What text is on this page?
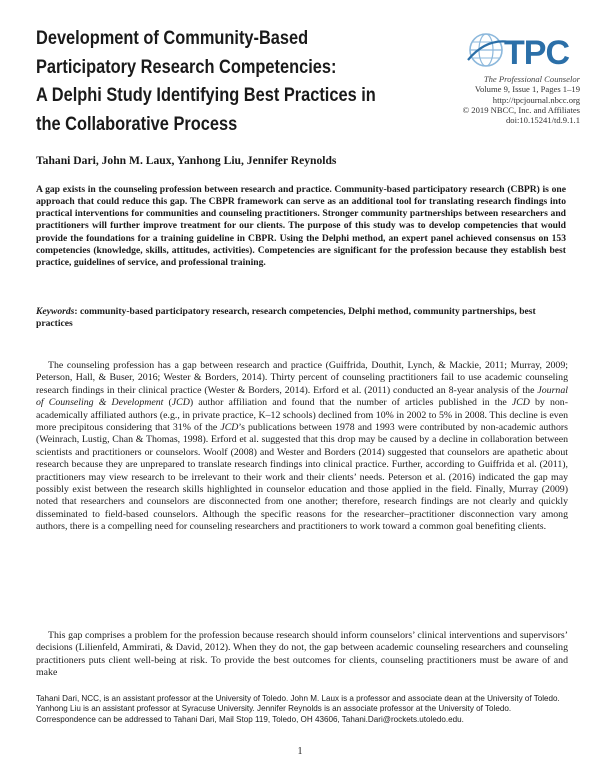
Development of Community-Based
Participatory Research Competencies:
A Delphi Study Identifying Best Practices in
the Collaborative Process
TPC
The Professional Counselor
Volume 9, Issue 1, Pages 1–19
http://tpcjournal.nbcc.org
© 2019 NBCC, Inc. and Affiliates
doi:10.15241/td.9.1.1
Tahani Dari, John M. Laux, Yanhong Liu, Jennifer Reynolds
A gap exists in the counseling profession between research and practice. Community-based participatory research (CBPR) is one approach that could reduce this gap. The CBPR framework can serve as an additional tool for translating research findings into practical interventions for communities and counseling practitioners. Stronger community partnerships between researchers and practitioners will further improve treatment for our clients. The purpose of this study was to develop competencies that would provide the foundations for a training guideline in CBPR. Using the Delphi method, an expert panel achieved consensus on 153 competencies (knowledge, skills, attitudes, activities). Competencies are significant for the profession because they establish best practice, guidelines of service, and professional training.
Keywords: community-based participatory research, research competencies, Delphi method, community partnerships, best practices

The counseling profession has a gap between research and practice (Guiffrida, Douthit, Lynch, & Mackie, 2011; Murray, 2009; Peterson, Hall, & Buser, 2016; Wester & Borders, 2014). Thirty percent of counseling practitioners fail to use academic counseling research findings in their clinical practice (Wester & Borders, 2014). Erford et al. (2011) conducted an 8-year analysis of the Journal of Counseling & Development (JCD) author affiliation and found that the number of articles published in the JCD by non-academically affiliated authors (e.g., in private practice, K–12 schools) declined from 10% in 2002 to 5% in 2008. This decline is even more precipitous considering that 31% of the JCD’s publications between 1978 and 1993 were contributed by non-academic authors (Weinrach, Lustig, Chan & Thomas, 1998). Erford et al. suggested that this drop may be caused by a decline in collaboration between scientists and practitioners or counselors. Woolf (2008) and Wester and Borders (2014) suggested that counselors are apathetic about research because they are unprepared to translate research findings into clinical practice. Further, according to Guiffrida et al. (2011), practitioners may view research to be irrelevant to their work and their clients’ needs. Peterson et al. (2016) indicated the gap may possibly exist between the research skills highlighted in counselor education and those applied in the field. Finally, Murray (2009) noted that researchers and counselors are disconnected from one another; therefore, research findings are not clearly and quickly disseminated to field-based counselors. Although the specific reasons for the researcher–practitioner disconnection vary among authors, there is a compelling need for counseling researchers and practitioners to work toward a common goal benefiting clients.

This gap comprises a problem for the profession because research should inform counselors’ clinical interventions and supervisors’ decisions (Lilienfeld, Ammirati, & David, 2012). When they do not, the gap between academic counseling researchers and counseling practitioners puts client well-being at risk. To provide the best outcomes for clients, counseling practitioners must be aware of and make

Tahani Dari, NCC, is an assistant professor at the University of Toledo. John M. Laux is a professor and associate dean at the University of Toledo. Yanhong Liu is an assistant professor at Syracuse University. Jennifer Reynolds is an associate professor at the University of Toledo. Correspondence can be addressed to Tahani Dari, Mail Stop 119, Toledo, OH 43606, Tahani.Dari@rockets.utoledo.edu.
1
